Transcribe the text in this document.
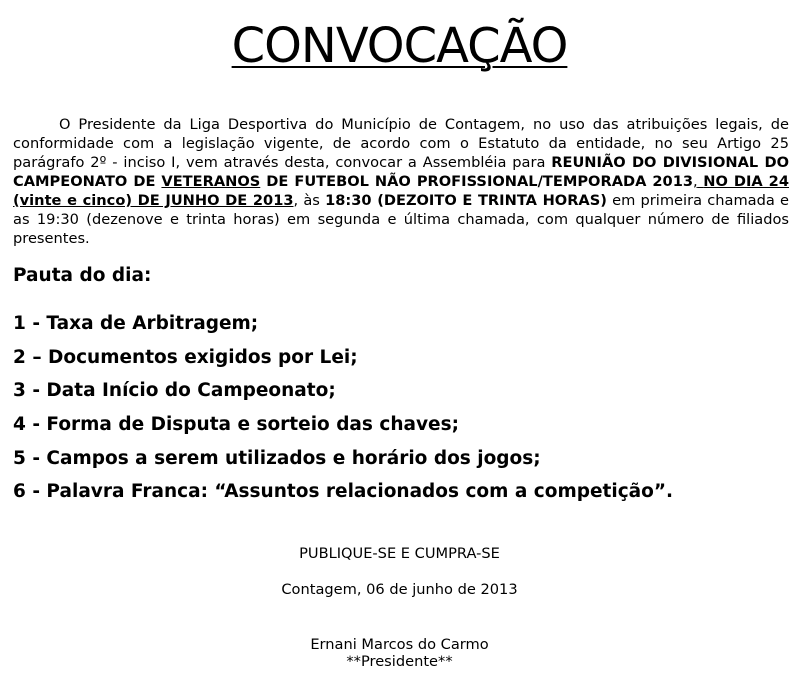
CONVOCAÇÃO

O Presidente da Liga Desportiva do Município de Contagem, no uso das atribuições legais, de conformidade com a legislação vigente, de acordo com o Estatuto da entidade, no seu Artigo 25 parágrafo 2º - inciso I, vem através desta, convocar a Assembléia para REUNIÃO DO DIVISIONAL DO CAMPEONATO DE VETERANOS DE FUTEBOL NÃO PROFISSIONAL/TEMPORADA 2013, NO DIA 24 (vinte e cinco) DE JUNHO DE 2013, às 18:30 (DEZOITO E TRINTA HORAS) em primeira chamada e as 19:30 (dezenove e trinta horas) em segunda e última chamada, com qualquer número de filiados presentes.

Pauta do dia:

1 - Taxa de Arbitragem;
2 – Documentos exigidos por Lei;
3 - Data Início do Campeonato;
4 - Forma de Disputa e sorteio das chaves;
5 - Campos a serem utilizados e horário dos jogos;
6 - Palavra Franca: “Assuntos relacionados com a competição”.

PUBLIQUE-SE E CUMPRA-SE

Contagem, 06 de junho de 2013

Ernani Marcos do Carmo

**Presidente**
